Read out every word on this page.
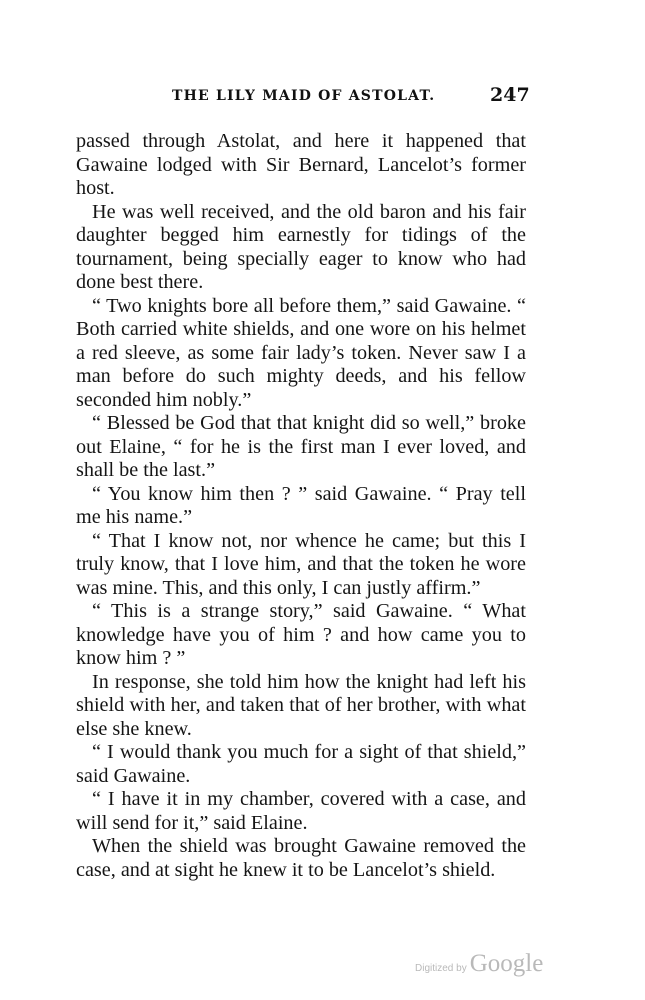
THE LILY MAID OF ASTOLAT.	247

passed through Astolat, and here it happened that Gawaine lodged with Sir Bernard, Lancelot’s former host.

He was well received, and the old baron and his fair daughter begged him earnestly for tidings of the tournament, being specially eager to know who had done best there.

“ Two knights bore all before them,” said Gawaine. “ Both carried white shields, and one wore on his helmet a red sleeve, as some fair lady’s token. Never saw I a man before do such mighty deeds, and his fellow seconded him nobly.”

“ Blessed be God that that knight did so well,” broke out Elaine, “ for he is the first man I ever loved, and shall be the last.”

“ You know him then ? ” said Gawaine. “ Pray tell me his name.”

“ That I know not, nor whence he came; but this I truly know, that I love him, and that the token he wore was mine. This, and this only, I can justly affirm.”

“ This is a strange story,” said Gawaine. “ What knowledge have you of him ? and how came you to know him ? ”

In response, she told him how the knight had left his shield with her, and taken that of her brother, with what else she knew.

“ I would thank you much for a sight of that shield,” said Gawaine.

“ I have it in my chamber, covered with a case, and will send for it,” said Elaine.

When the shield was brought Gawaine removed the case, and at sight he knew it to be Lancelot’s shield.

Digitized by Google
